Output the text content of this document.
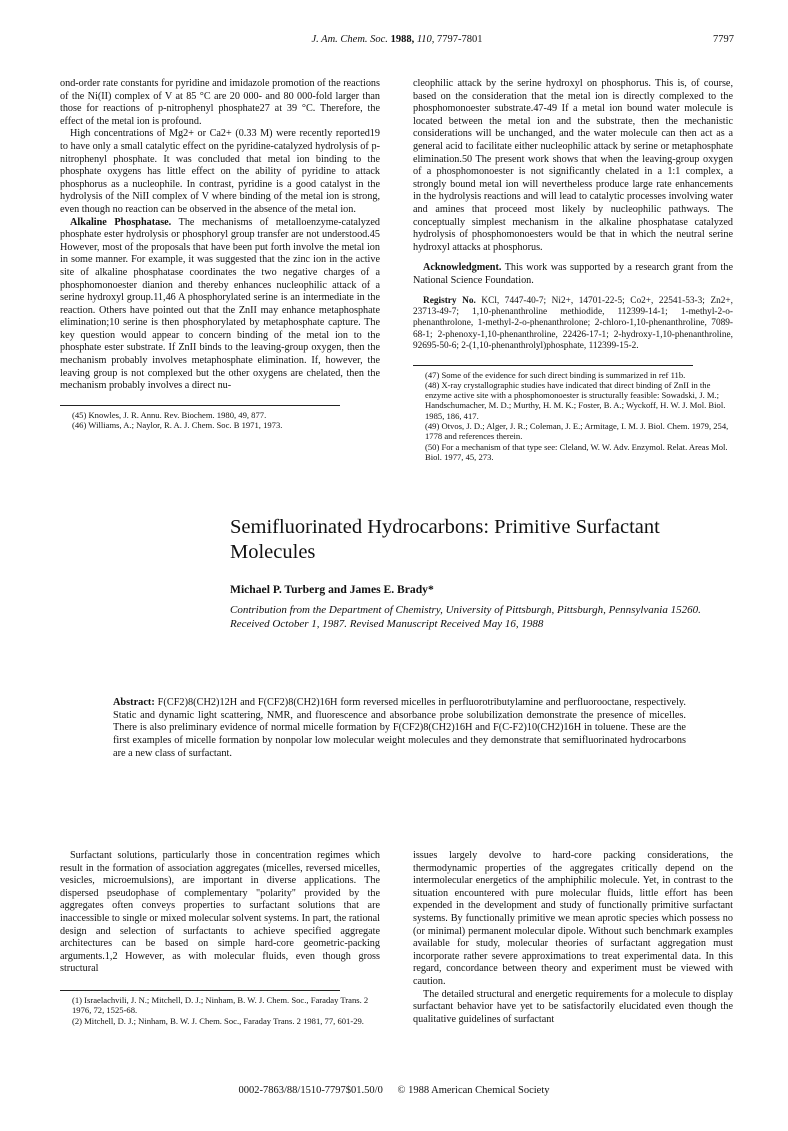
J. Am. Chem. Soc. 1988, 110, 7797-7801	7797

ond-order rate constants for pyridine and imidazole promotion of the reactions of the Ni(II) complex of V at 85 °C are 20 000- and 80 000-fold larger than those for reactions of p-nitrophenyl phosphate27 at 39 °C. Therefore, the effect of the metal ion is profound.

High concentrations of Mg2+ or Ca2+ (0.33 M) were recently reported19 to have only a small catalytic effect on the pyridine-catalyzed hydrolysis of p-nitrophenyl phosphate. It was concluded that metal ion binding to the phosphate oxygens has little effect on the ability of pyridine to attack phosphorus as a nucleophile. In contrast, pyridine is a good catalyst in the hydrolysis of the NiII complex of V where binding of the metal ion is strong, even though no reaction can be observed in the absence of the metal ion.

Alkaline Phosphatase. The mechanisms of metalloenzyme-catalyzed phosphate ester hydrolysis or phosphoryl group transfer are not understood.45 However, most of the proposals that have been put forth involve the metal ion in some manner. For example, it was suggested that the zinc ion in the active site of alkaline phosphatase coordinates the two negative charges of a phosphomonoester dianion and thereby enhances nucleophilic attack of a serine hydroxyl group.11,46 A phosphorylated serine is an intermediate in the reaction. Others have pointed out that the ZnII may enhance metaphosphate elimination;10 serine is then phosphorylated by metaphosphate capture. The key question would appear to concern binding of the metal ion to the phosphate ester substrate. If ZnII binds to the leaving-group oxygen, then the mechanism probably involves metaphosphate elimination. If, however, the leaving group is not complexed but the other oxygens are chelated, then the mechanism probably involves a direct nu-

(45) Knowles, J. R. Annu. Rev. Biochem. 1980, 49, 877.

(46) Williams, A.; Naylor, R. A. J. Chem. Soc. B 1971, 1973.

cleophilic attack by the serine hydroxyl on phosphorus. This is, of course, based on the consideration that the metal ion is directly complexed to the phosphomonoester substrate.47-49 If a metal ion bound water molecule is located between the metal ion and the substrate, then the mechanistic considerations will be unchanged, and the water molecule can then act as a general acid to facilitate either nucleophilic attack by serine or metaphosphate elimination.50 The present work shows that when the leaving-group oxygen of a phosphomonoester is not significantly chelated in a 1:1 complex, a strongly bound metal ion will nevertheless produce large rate enhancements in the hydrolysis reactions and will lead to catalytic processes involving water and amines that proceed most likely by nucleophilic pathways. The conceptually simplest mechanism in the alkaline phosphatase catalyzed hydrolysis of phosphomonoesters would be that in which the neutral serine hydroxyl attacks at phosphorus.

Acknowledgment. This work was supported by a research grant from the National Science Foundation.

Registry No. KCl, 7447-40-7; Ni2+, 14701-22-5; Co2+, 22541-53-3; Zn2+, 23713-49-7; 1,10-phenanthroline methiodide, 112399-14-1; 1-methyl-2-o-phenanthrolone, 1-methyl-2-o-phenanthrolone; 2-chloro-1,10-phenanthroline, 7089-68-1; 2-phenoxy-1,10-phenanthroline, 22426-17-1; 2-hydroxy-1,10-phenanthroline, 92695-50-6; 2-(1,10-phenanthrolyl)phosphate, 112399-15-2.

(47) Some of the evidence for such direct binding is summarized in ref 11b.

(48) X-ray crystallographic studies have indicated that direct binding of ZnII in the enzyme active site with a phosphomonoester is structurally feasible: Sowadski, J. M.; Handschumacher, M. D.; Murthy, H. M. K.; Foster, B. A.; Wyckoff, H. W. J. Mol. Biol. 1985, 186, 417.

(49) Otvos, J. D.; Alger, J. R.; Coleman, J. E.; Armitage, I. M. J. Biol. Chem. 1979, 254, 1778 and references therein.

(50) For a mechanism of that type see: Cleland, W. W. Adv. Enzymol. Relat. Areas Mol. Biol. 1977, 45, 273.

Semifluorinated Hydrocarbons: Primitive Surfactant Molecules
Michael P. Turberg and James E. Brady*
Contribution from the Department of Chemistry, University of Pittsburgh, Pittsburgh, Pennsylvania 15260. Received October 1, 1987. Revised Manuscript Received May 16, 1988
Abstract: F(CF2)8(CH2)12H and F(CF2)8(CH2)16H form reversed micelles in perfluorotributylamine and perfluorooctane, respectively. Static and dynamic light scattering, NMR, and fluorescence and absorbance probe solubilization demonstrate the presence of micelles. There is also preliminary evidence of normal micelle formation by F(CF2)8(CH2)16H and F(C-F2)10(CH2)16H in toluene. These are the first examples of micelle formation by nonpolar low molecular weight molecules and they demonstrate that semifluorinated hydrocarbons are a new class of surfactant.

Surfactant solutions, particularly those in concentration regimes which result in the formation of association aggregates (micelles, reversed micelles, vesicles, microemulsions), are important in diverse applications. The dispersed pseudophase of complementary "polarity" provided by the aggregates often conveys properties to surfactant solutions that are inaccessible to single or mixed molecular solvent systems. In part, the rational design and selection of surfactants to achieve specified aggregate architectures can be based on simple hard-core geometric-packing arguments.1,2 However, as with molecular fluids, even though gross structural

(1) Israelachvili, J. N.; Mitchell, D. J.; Ninham, B. W. J. Chem. Soc., Faraday Trans. 2 1976, 72, 1525-68.

(2) Mitchell, D. J.; Ninham, B. W. J. Chem. Soc., Faraday Trans. 2 1981, 77, 601-29.

issues largely devolve to hard-core packing considerations, the thermodynamic properties of the aggregates critically depend on the intermolecular energetics of the amphiphilic molecule. Yet, in contrast to the situation encountered with pure molecular fluids, little effort has been expended in the development and study of functionally primitive surfactant systems. By functionally primitive we mean aprotic species which possess no (or minimal) permanent molecular dipole. Without such benchmark examples available for study, molecular theories of surfactant aggregation must incorporate rather severe approximations to treat experimental data. In this regard, concordance between theory and experiment must be viewed with caution.

The detailed structural and energetic requirements for a molecule to display surfactant behavior have yet to be satisfactorily elucidated even though the qualitative guidelines of surfactant

0002-7863/88/1510-7797$01.50/0 © 1988 American Chemical Society
